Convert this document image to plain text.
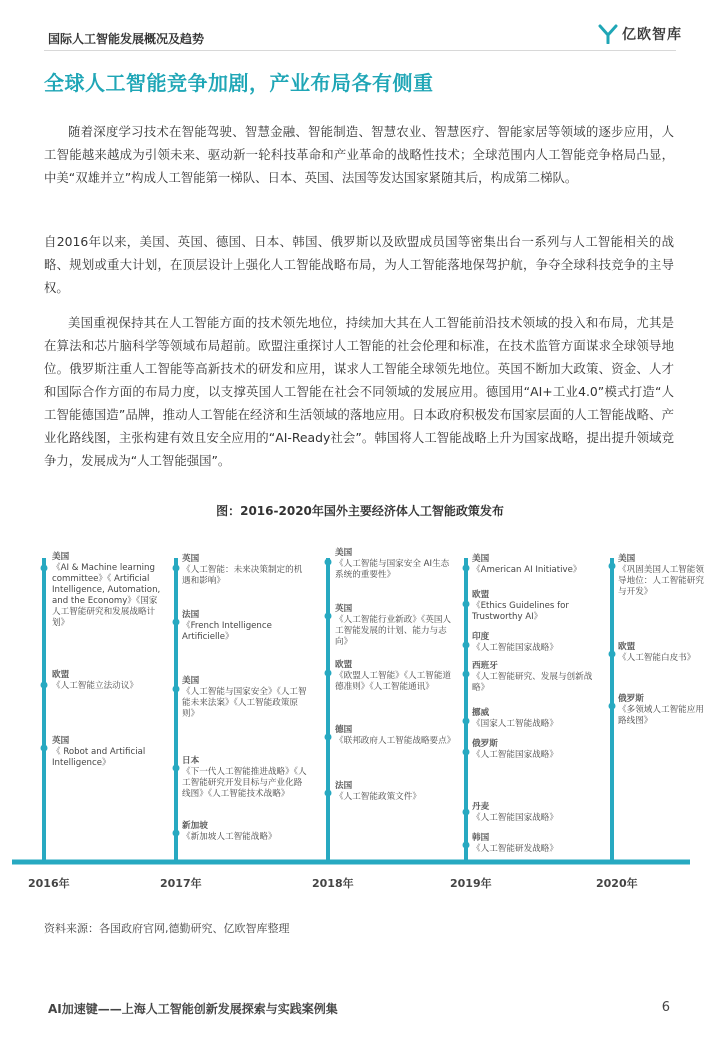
国际人工智能发展概况及趋势	亿欧智库
全球人工智能竞争加剧，产业布局各有侧重
随着深度学习技术在智能驾驶、智慧金融、智能制造、智慧农业、智慧医疗、智能家居等领域的逐步应用，人工智能越来越成为引领未来、驱动新一轮科技革命和产业革命的战略性技术；全球范围内人工智能竞争格局凸显，中美“双雄并立”构成人工智能第一梯队、日本、英国、法国等发达国家紧随其后，构成第二梯队。
自2016年以来，美国、英国、德国、日本、韩国、俄罗斯以及欧盟成员国等密集出台一系列与人工智能相关的战略、规划或重大计划，在顶层设计上强化人工智能战略布局，为人工智能落地保驾护航，争夺全球科技竞争的主导权。
美国重视保持其在人工智能方面的技术领先地位，持续加大其在人工智能前沿技术领域的投入和布局，尤其是在算法和芯片脑科学等领域布局超前。欧盟注重探讨人工智能的社会伦理和标准，在技术监管方面谋求全球领导地位。俄罗斯注重人工智能等高新技术的研发和应用，谋求人工智能全球领先地位。英国不断加大政策、资金、人才和国际合作方面的布局力度，以支撑英国人工智能在社会不同领域的发展应用。德国用“AI+工业4.0”模式打造“人工智能德国造”品牌，推动人工智能在经济和生活领域的落地应用。日本政府积极发布国家层面的人工智能战略、产业化路线图，主张构建有效且安全应用的“AI-Ready社会”。韩国将人工智能战略上升为国家战略，提出提升领域竞争力，发展成为“人工智能强国”。
图：2016-2020年国外主要经济体人工智能政策发布
美国
《AI & Machine learning committee》《 Artificial Intelligence, Automation, and the Economy》《国家人工智能研究和发展战略计划》
欧盟
《人工智能立法动议》
英国
《 Robot and Artificial Intelligence》
英国
《人工智能：未来决策制定的机遇和影响》
法国
《French Intelligence Artificielle》
美国
《人工智能与国家安全》《人工智能未来法案》《人工智能政策原则》
日本
《下一代人工智能推进战略》《人工智能研究开发目标与产业化路线图》《人工智能技术战略》
新加坡
《新加坡人工智能战略》
美国
《人工智能与国家安全 AI生态系统的重要性》
英国
《人工智能行业新政》《英国人工智能发展的计划、能力与志向》
欧盟
《欧盟人工智能》《人工智能道德准则》《人工智能通讯》
德国
《联邦政府人工智能战略要点》
法国
《人工智能政策文件》
美国
《American AI Initiative》
欧盟
《Ethics Guidelines for Trustworthy AI》
印度
《人工智能国家战略》
西班牙
《人工智能研究、发展与创新战略》
挪威
《国家人工智能战略》
俄罗斯
《人工智能国家战略》
丹麦
《人工智能国家战略》
韩国
《人工智能研发战略》
美国
《巩固美国人工智能领导地位：人工智能研究与开发》
欧盟
《人工智能白皮书》
俄罗斯
《多领域人工智能应用路线图》
2016年	2017年	2018年	2019年	2020年
资料来源：各国政府官网,德勤研究、亿欧智库整理
AI加速键——上海人工智能创新发展探索与实践案例集	6
